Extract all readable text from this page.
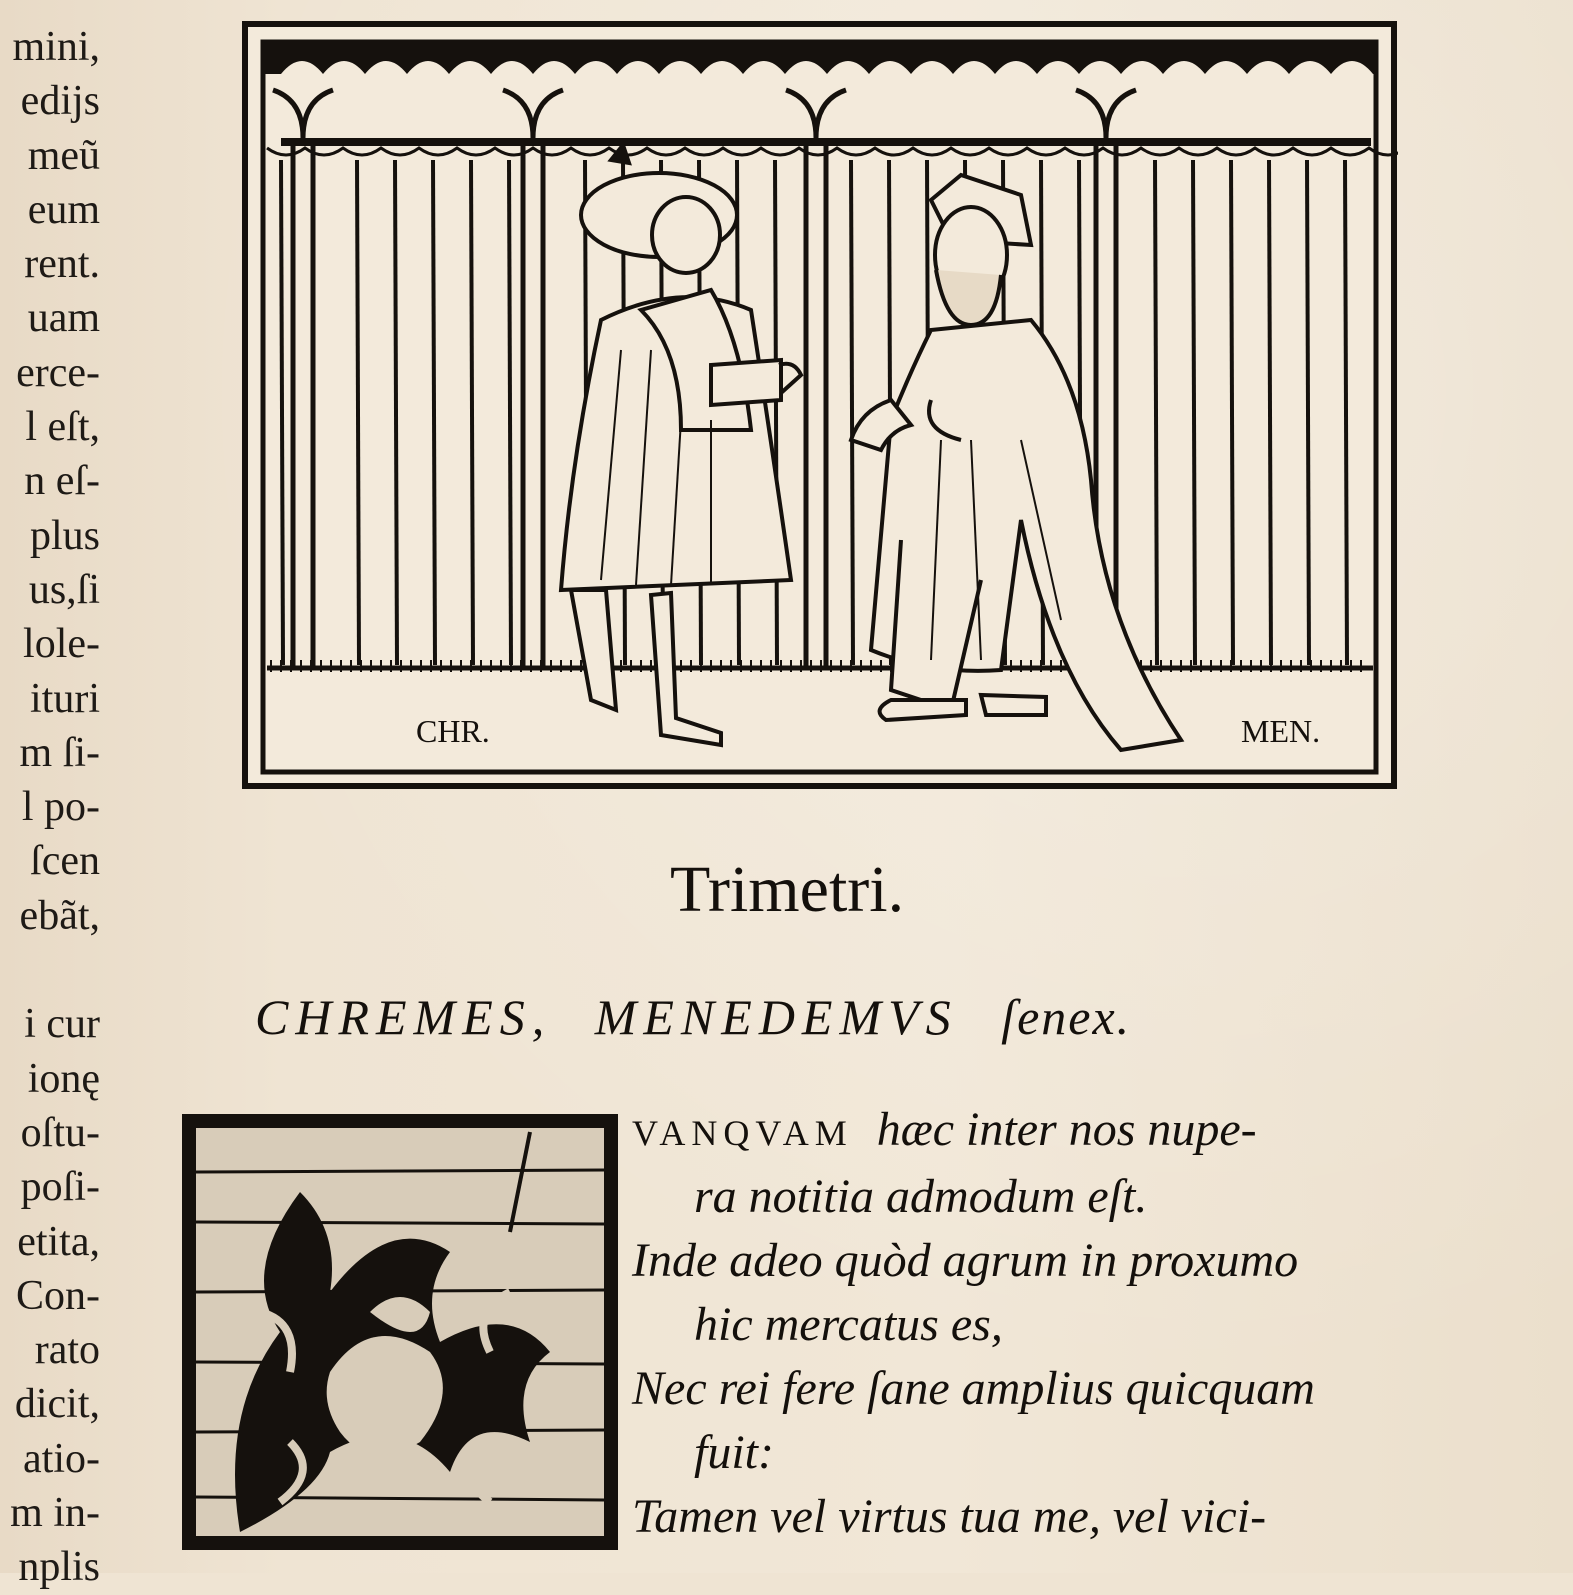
mini,
edijs
meũ
eum
rent.
uam
erce-
l eſt,
n eſ-
plus
us,ſi
lole-
ituri
m ſi-
l po-
ſcen
ebãt,

i cur
ionę
oſtu-
poſi-
etita,
Con-
rato
dicit,
atio-
m in-
nplis
CHR.	MEN.
Trimetri.
CHREMES, MENEDEMVS ſenex.
VANQVAM hæc inter nos nupe-
ra notitia admodum eſt.
Inde adeo quòd agrum in proxumo
hic mercatus es,
Nec rei fere ſane amplius quicquam
fuit:
Tamen vel virtus tua me, vel vici-
